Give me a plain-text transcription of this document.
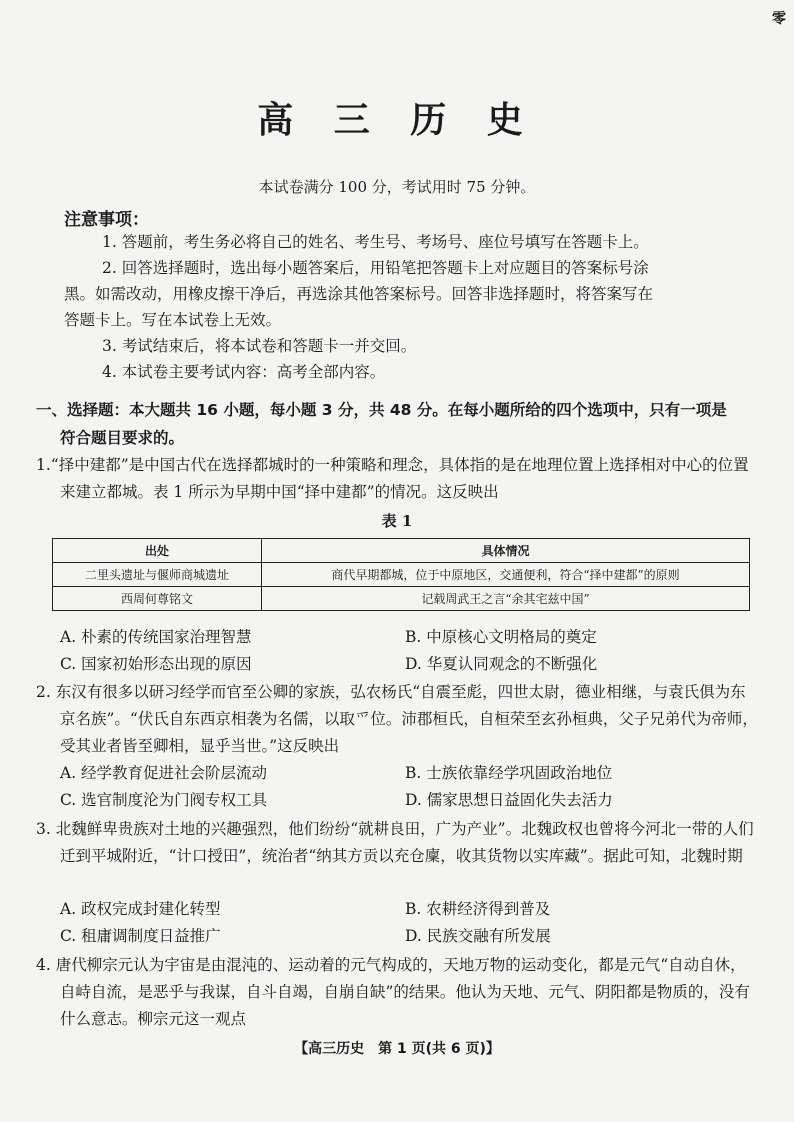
零
高 三 历 史
本试卷满分 100 分，考试用时 75 分钟。
注意事项：
1. 答题前，考生务必将自己的姓名、考生号、考场号、座位号填写在答题卡上。
2. 回答选择题时，选出每小题答案后，用铅笔把答题卡上对应题目的答案标号涂
黑。如需改动，用橡皮擦干净后，再选涂其他答案标号。回答非选择题时，将答案写在
答题卡上。写在本试卷上无效。
3. 考试结束后，将本试卷和答题卡一并交回。
4. 本试卷主要考试内容：高考全部内容。
一、选择题：本大题共 16 小题，每小题 3 分，共 48 分。在每小题所给的四个选项中，只有一项是
符合题目要求的。
1.“择中建都”是中国古代在选择都城时的一种策略和理念，具体指的是在地理位置上选择相对中心的位置来建立都城。表 1 所示为早期中国“择中建都”的情况。这反映出
表 1
出处	具体情况
二里头遗址与偃师商城遗址	商代早期都城，位于中原地区，交通便利，符合“择中建都”的原则
西周何尊铭文	记载周武王之言“余其宅兹中国”
A. 朴素的传统国家治理智慧	B. 中原核心文明格局的奠定
C. 国家初始形态出现的原因	D. 华夏认同观念的不断强化
2. 东汉有很多以研习经学而官至公卿的家族，弘农杨氏“自震至彪，四世太尉，德业相继，与袁氏俱为东京名族”。“伏氏自东西京相袭为名儒，以取爫位。沛郡桓氏，自桓荣至玄孙桓典，父子兄弟代为帝师，受其业者皆至卿相，显乎当世。”这反映出
A. 经学教育促进社会阶层流动	B. 士族依靠经学巩固政治地位
C. 选官制度沦为门阀专权工具	D. 儒家思想日益固化失去活力
3. 北魏鲜卑贵族对土地的兴趣强烈，他们纷纷“就耕良田，广为产业”。北魏政权也曾将今河北一带的人们迁到平城附近，“计口授田”，统治者“纳其方贡以充仓廩，收其货物以实库藏”。据此可知，北魏时期
A. 政权完成封建化转型	B. 农耕经济得到普及
C. 租庸调制度日益推广	D. 民族交融有所发展
4. 唐代柳宗元认为宇宙是由混沌的、运动着的元气构成的，天地万物的运动变化，都是元气“自动自休，自峙自流，是恶乎与我谋，自斗自竭，自崩自缺”的结果。他认为天地、元气、阴阳都是物质的，没有什么意志。柳宗元这一观点
【高三历史　第 1 页(共 6 页)】
